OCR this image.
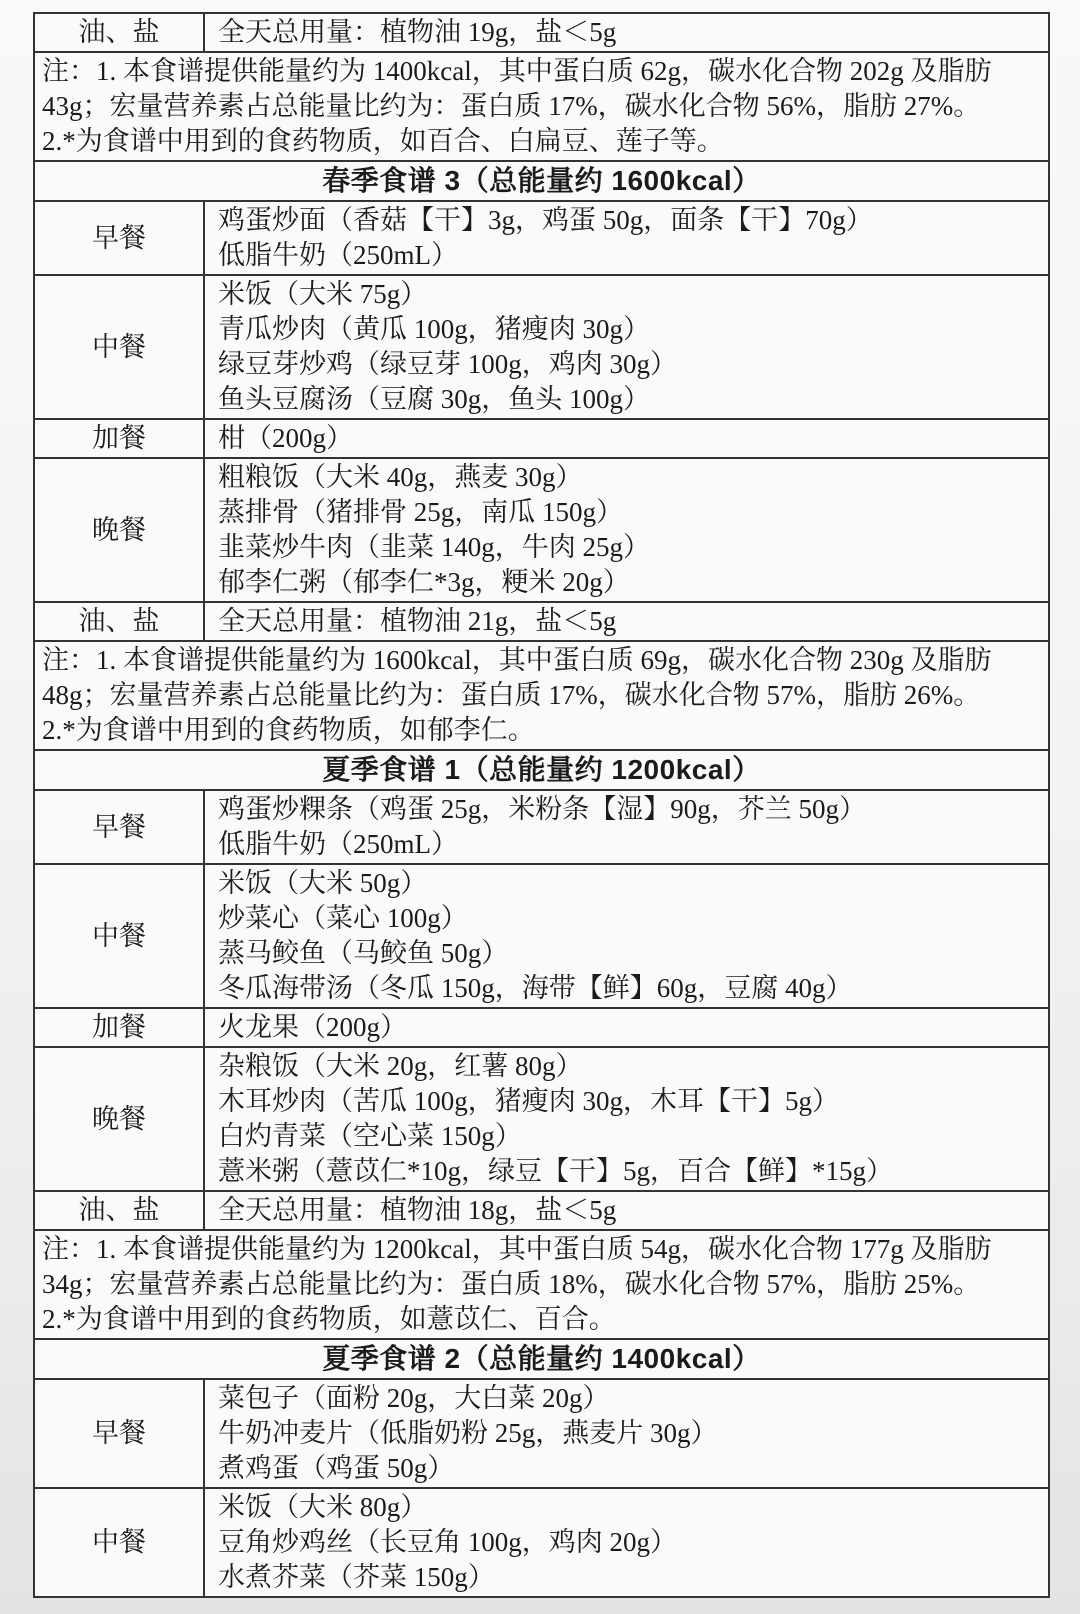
油、盐	全天总用量：植物油 19g，盐＜5g

注：1. 本食谱提供能量约为 1400kcal，其中蛋白质 62g，碳水化合物 202g 及脂肪
43g；宏量营养素占总能量比约为：蛋白质 17%，碳水化合物 56%，脂肪 27%。
2.*为食谱中用到的食药物质，如百合、白扁豆、莲子等。	

春季食谱 3（总能量约 1600kcal）	
早餐	鸡蛋炒面（香菇【干】3g，鸡蛋 50g，面条【干】70g）
低脂牛奶（250mL）

中餐	米饭（大米 75g）
青瓜炒肉（黄瓜 100g，猪瘦肉 30g）
绿豆芽炒鸡（绿豆芽 100g，鸡肉 30g）
鱼头豆腐汤（豆腐 30g，鱼头 100g）

加餐	柑（200g）

晚餐	粗粮饭（大米 40g，燕麦 30g）
蒸排骨（猪排骨 25g，南瓜 150g）
韭菜炒牛肉（韭菜 140g，牛肉 25g）
郁李仁粥（郁李仁*3g，粳米 20g）

油、盐	全天总用量：植物油 21g，盐＜5g

注：1. 本食谱提供能量约为 1600kcal，其中蛋白质 69g，碳水化合物 230g 及脂肪
48g；宏量营养素占总能量比约为：蛋白质 17%，碳水化合物 57%，脂肪 26%。
2.*为食谱中用到的食药物质，如郁李仁。	

夏季食谱 1（总能量约 1200kcal）	
早餐	鸡蛋炒粿条（鸡蛋 25g，米粉条【湿】90g，芥兰 50g）
低脂牛奶（250mL）

中餐	米饭（大米 50g）
炒菜心（菜心 100g）
蒸马鲛鱼（马鲛鱼 50g）
冬瓜海带汤（冬瓜 150g，海带【鲜】60g，豆腐 40g）

加餐	火龙果（200g）

晚餐	杂粮饭（大米 20g，红薯 80g）
木耳炒肉（苦瓜 100g，猪瘦肉 30g，木耳【干】5g）
白灼青菜（空心菜 150g）
薏米粥（薏苡仁*10g，绿豆【干】5g，百合【鲜】*15g）

油、盐	全天总用量：植物油 18g，盐＜5g

注：1. 本食谱提供能量约为 1200kcal，其中蛋白质 54g，碳水化合物 177g 及脂肪
34g；宏量营养素占总能量比约为：蛋白质 18%，碳水化合物 57%，脂肪 25%。
2.*为食谱中用到的食药物质，如薏苡仁、百合。	

夏季食谱 2（总能量约 1400kcal）	
早餐	菜包子（面粉 20g，大白菜 20g）
牛奶冲麦片（低脂奶粉 25g，燕麦片 30g）
煮鸡蛋（鸡蛋 50g）

中餐	米饭（大米 80g）
豆角炒鸡丝（长豆角 100g，鸡肉 20g）
水煮芥菜（芥菜 150g）
